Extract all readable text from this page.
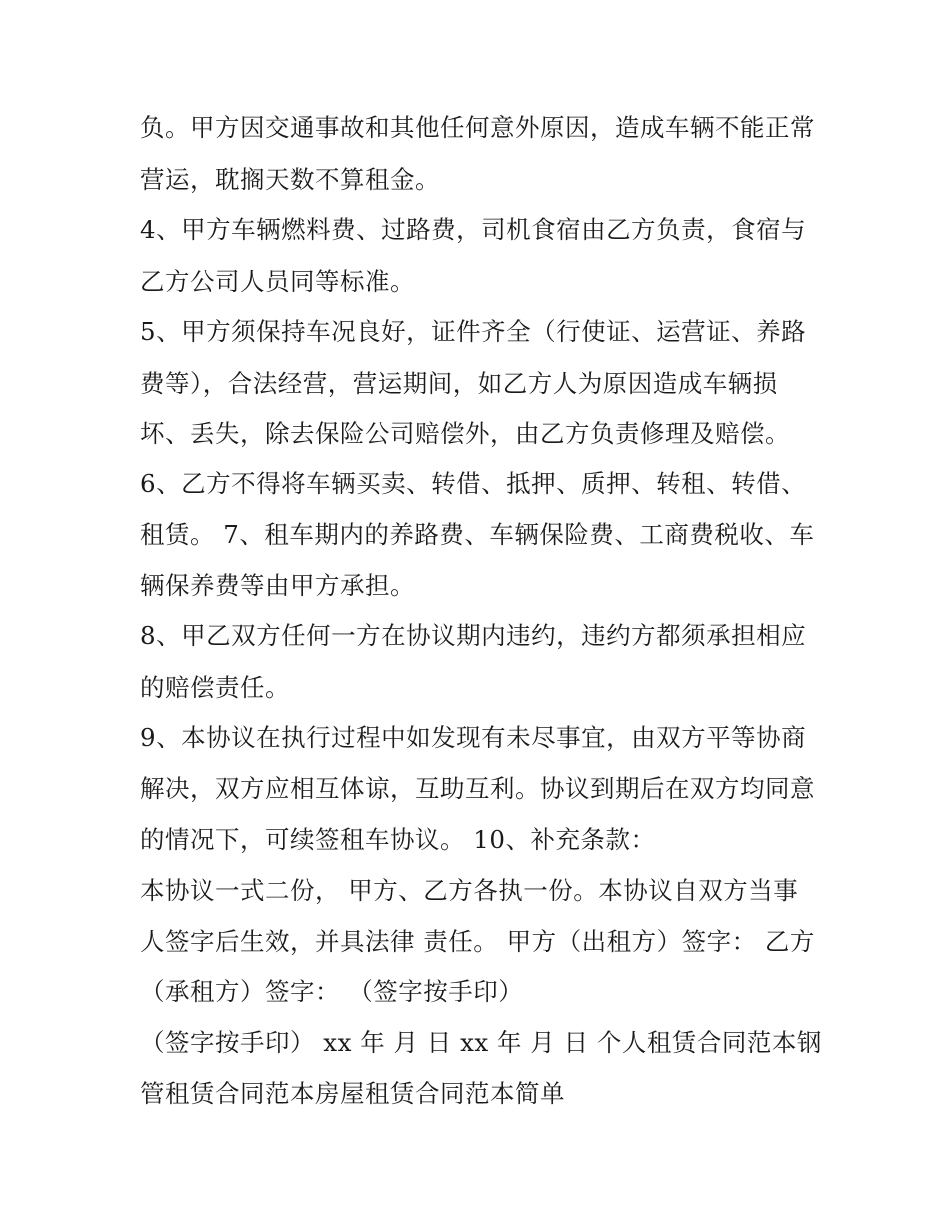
负。甲方因交通事故和其他任何意外原因，造成车辆不能正常
营运，耽搁天数不算租金。
4、甲方车辆燃料费、过路费，司机食宿由乙方负责，食宿与
乙方公司人员同等标准。
5、甲方须保持车况良好，证件齐全（行使证、运营证、养路
费等），合法经营，营运期间，如乙方人为原因造成车辆损
坏、丢失，除去保险公司赔偿外，由乙方负责修理及赔偿。
6、乙方不得将车辆买卖、转借、抵押、质押、转租、转借、
租赁。 7、租车期内的养路费、车辆保险费、工商费税收、车
辆保养费等由甲方承担。
8、甲乙双方任何一方在协议期内违约，违约方都须承担相应
的赔偿责任。
9、本协议在执行过程中如发现有未尽事宜，由双方平等协商
解决，双方应相互体谅，互助互利。协议到期后在双方均同意
的情况下，可续签租车协议。 10、补充条款：
本协议一式二份， 甲方、乙方各执一份。本协议自双方当事
人签字后生效，并具法律 责任。 甲方（出租方）签字： 乙方
（承租方）签字： （签字按手印）
（签字按手印） xx 年 月 日 xx 年 月 日 个人租赁合同范本钢
管租赁合同范本房屋租赁合同范本简单
